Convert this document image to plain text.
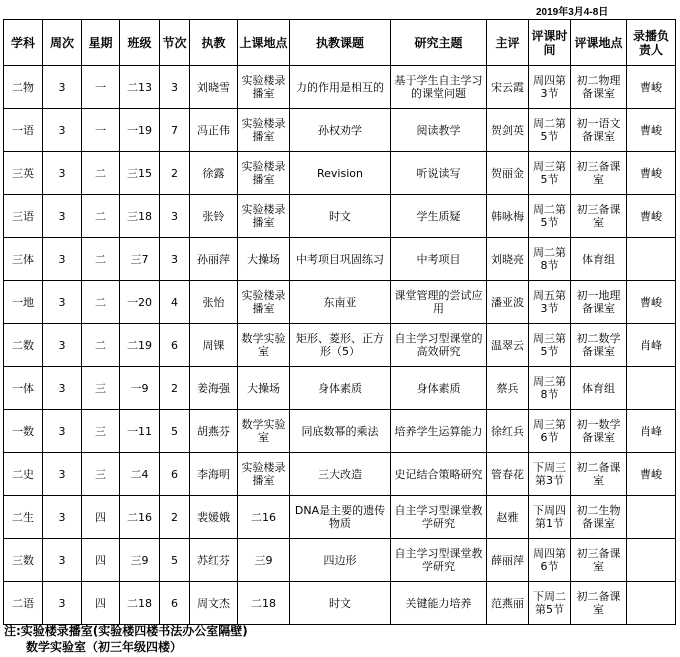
2019年3月4-8日
学科	周次	星期	班级	节次	执教	上课地点	执教课题	研究主题	主评	评课时间	评课地点	录播负责人
二物	3	一	二13	3	刘晓雪	实验楼录播室	力的作用是相互的	基于学生自主学习的课堂问题	宋云霞	周四第3节	初二物理备课室	曹峻
一语	3	一	一19	7	冯正伟	实验楼录播室	孙权劝学	阅读教学	贺剑英	周二第5节	初一语文备课室	曹峻
三英	3	二	三15	2	徐露	实验楼录播室	Revision	听说读写	贺丽金	周三第5节	初三备课室	曹峻
三语	3	二	三18	3	张铃	实验楼录播室	时文	学生质疑	韩咏梅	周二第5节	初三备课室	曹峻
三体	3	二	三7	3	孙丽萍	大操场	中考项目巩固练习	中考项目	刘晓亮	周二第8节	体育组	
一地	3	二	一20	4	张怡	实验楼录播室	东南亚	课堂管理的尝试应用	潘亚波	周五第3节	初一地理备课室	曹峻
二数	3	二	二19	6	周锞	数学实验室	矩形、菱形、正方形（5）	自主学习型课堂的高效研究	温翠云	周三第5节	初二数学备课室	肖峰
一体	3	三	一9	2	姜海强	大操场	身体素质	身体素质	蔡兵	周三第8节	体育组	
一数	3	三	一11	5	胡燕芬	数学实验室	同底数幂的乘法	培养学生运算能力	徐红兵	周三第6节	初一数学备课室	肖峰
二史	3	三	二4	6	李海明	实验楼录播室	三大改造	史记结合策略研究	管春花	下周三第3节	初二备课室	曹峻
二生	3	四	二16	2	裴媛娥	二16	DNA是主要的遗传物质	自主学习型课堂教学研究	赵雅	下周四第1节	初二生物备课室	
三数	3	四	三9	5	苏红芬	三9	四边形	自主学习型课堂教学研究	薛丽萍	周四第6节	初三备课室	
二语	3	四	二18	6	周文杰	二18	时文	关键能力培养	范燕丽	下周二第5节	初二备课室	
注:实验楼录播室(实验楼四楼书法办公室隔壁)
数学实验室（初三年级四楼）
